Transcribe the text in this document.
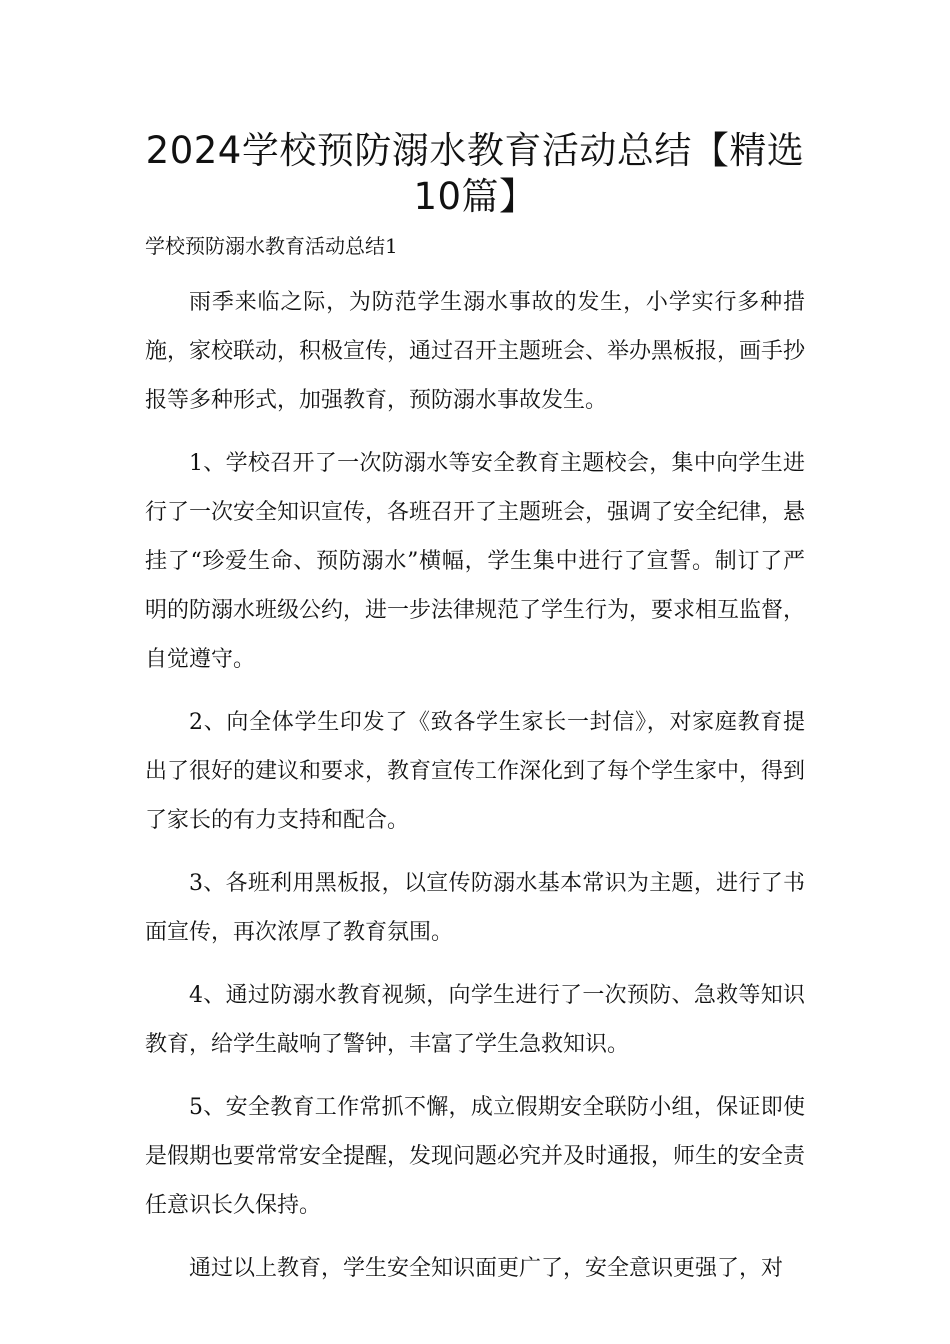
2024学校预防溺水教育活动总结【精选
10篇】
学校预防溺水教育活动总结1

雨季来临之际，为防范学生溺水事故的发生，小学实行多种措施，家校联动，积极宣传，通过召开主题班会、举办黑板报，画手抄报等多种形式，加强教育，预防溺水事故发生。

1、学校召开了一次防溺水等安全教育主题校会，集中向学生进行了一次安全知识宣传，各班召开了主题班会，强调了安全纪律，悬挂了“珍爱生命、预防溺水”横幅，学生集中进行了宣誓。制订了严明的防溺水班级公约，进一步法律规范了学生行为，要求相互监督，自觉遵守。

2、向全体学生印发了《致各学生家长一封信》，对家庭教育提出了很好的建议和要求，教育宣传工作深化到了每个学生家中，得到了家长的有力支持和配合。

3、各班利用黑板报，以宣传防溺水基本常识为主题，进行了书面宣传，再次浓厚了教育氛围。

4、通过防溺水教育视频，向学生进行了一次预防、急救等知识教育，给学生敲响了警钟，丰富了学生急救知识。

5、安全教育工作常抓不懈，成立假期安全联防小组，保证即使是假期也要常常安全提醒，发现问题必究并及时通报，师生的安全责任意识长久保持。

通过以上教育，学生安全知识面更广了，安全意识更强了，对
